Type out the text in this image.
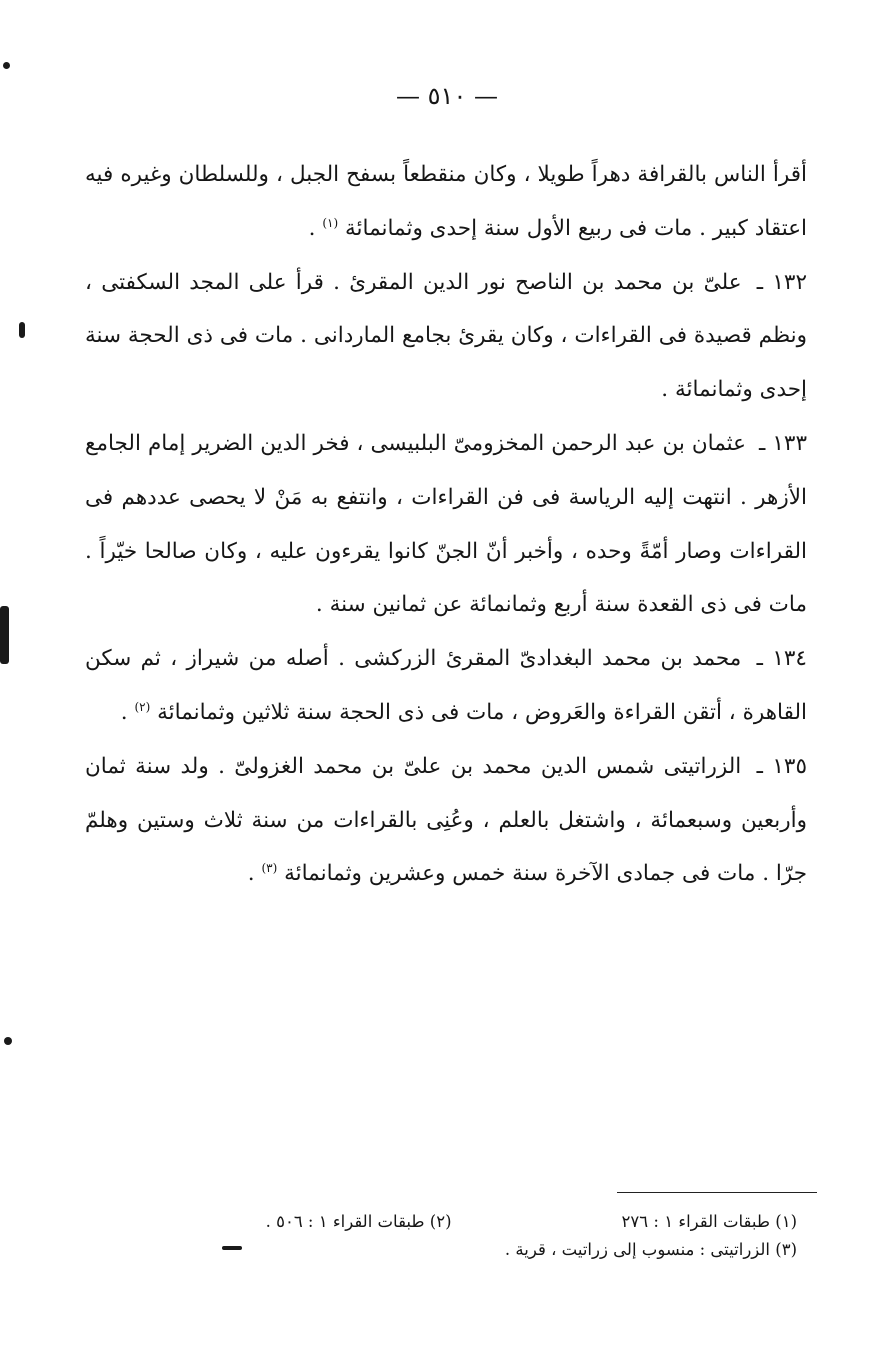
— ٥١٠ —

أقرأ الناس بالقرافة دهراً طويلا ، وكان منقطعاً بسفح الجبل ، وللسلطان وغيره فيه اعتقاد كبير . مات فى ربيع الأول سنة إحدى وثمانمائة $^{(١)}$ .

١٣٢ ـ علىّ بن محمد بن الناصح نور الدين المقرئ . قرأ على المجد السكفتى ، ونظم قصيدة فى القراءات ، وكان يقرئ بجامع الماردانى . مات فى ذى الحجة سنة إحدى وثمانمائة .

١٣٣ ـ عثمان بن عبد الرحمن المخزومىّ البلبيسى ، فخر الدين الضرير إمام الجامع الأزهر . انتهت إليه الرياسة فى فن القراءات ، وانتفع به مَنْ لا يحصى عددهم فى القراءات وصار أمّةً وحده ، وأخبر أنّ الجنّ كانوا يقرءون عليه ، وكان صالحا خيّراً . مات فى ذى القعدة سنة أربع وثمانمائة عن ثمانين سنة .

١٣٤ ـ محمد بن محمد البغدادىّ المقرئ الزركشى . أصله من شيراز ، ثم سكن القاهرة ، أتقن القراءة والعَروض ، مات فى ذى الحجة سنة ثلاثين وثمانمائة $^{(٢)}$ .

١٣٥ ـ الزراتيتى شمس الدين محمد بن علىّ بن محمد الغزولىّ . ولد سنة ثمان وأربعين وسبعمائة ، واشتغل بالعلم ، وعُنِى بالقراءات من سنة ثلاث وستين وهلمّ جرّا . مات فى جمادى الآخرة سنة خمس وعشرين وثمانمائة $^{(٣)}$ .

(١) طبقات القراء ١ : ٢٧٦
(٢) طبقات القراء ١ : ٥٠٦ .
(٣) الزراتيتى : منسوب إلى زراتيت ، قرية .
